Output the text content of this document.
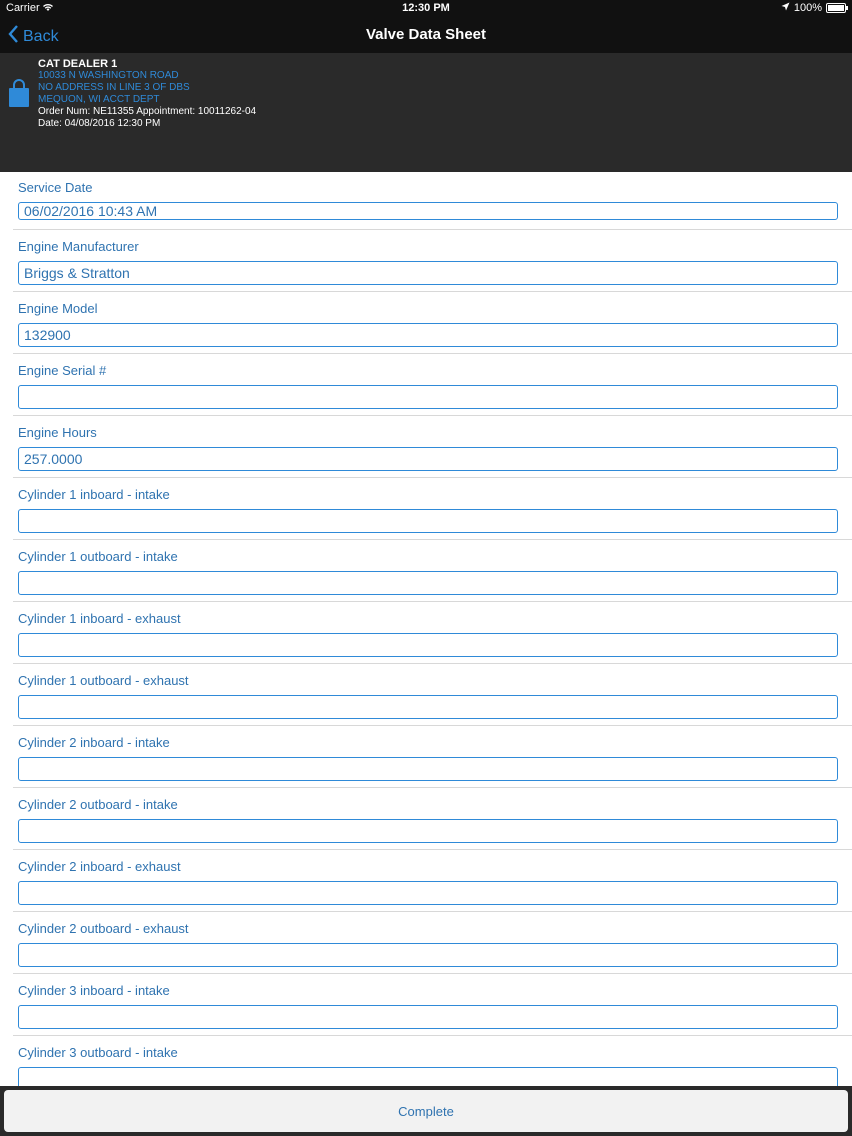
Carrier	12:30 PM	100%
Back	Valve Data Sheet
CAT DEALER 1
10033 N WASHINGTON ROAD
NO ADDRESS IN LINE 3 OF DBS
MEQUON, WI ACCT DEPT
Order Num: NE11355 Appointment: 10011262-04
Date: 04/08/2016 12:30 PM
Service Date
06/02/2016 10:43 AM
Engine Manufacturer
Briggs & Stratton
Engine Model
132900
Engine Serial #
Engine Hours
257.0000
Cylinder 1 inboard - intake
Cylinder 1 outboard - intake
Cylinder 1 inboard - exhaust
Cylinder 1 outboard - exhaust
Cylinder 2 inboard - intake
Cylinder 2 outboard - intake
Cylinder 2 inboard - exhaust
Cylinder 2 outboard - exhaust
Cylinder 3 inboard - intake
Cylinder 3 outboard - intake
Complete
